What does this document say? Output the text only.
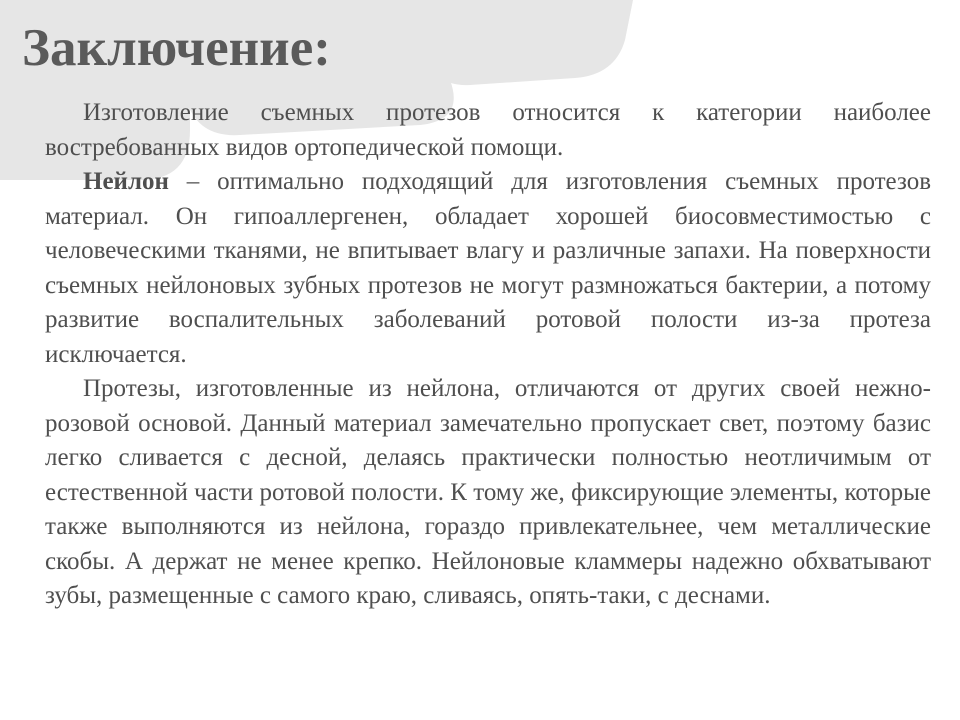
Заключение:

Изготовление съемных протезов относится к категории наиболее востребованных видов ортопедической помощи.

Нейлон – оптимально подходящий для изготовления съемных протезов материал. Он гипоаллергенен, обладает хорошей биосовместимостью с человеческими тканями, не впитывает влагу и различные запахи. На поверхности съемных нейлоновых зубных протезов не могут размножаться бактерии, а потому развитие воспалительных заболеваний ротовой полости из-за протеза исключается.

Протезы, изготовленные из нейлона, отличаются от других своей нежно-розовой основой. Данный материал замечательно пропускает свет, поэтому базис легко сливается с десной, делаясь практически полностью неотличимым от естественной части ротовой полости. К тому же, фиксирующие элементы, которые также выполняются из нейлона, гораздо привлекательнее, чем металлические скобы. А держат не менее крепко. Нейлоновые кламмеры надежно обхватывают зубы, размещенные с самого краю, сливаясь, опять-таки, с деснами.
